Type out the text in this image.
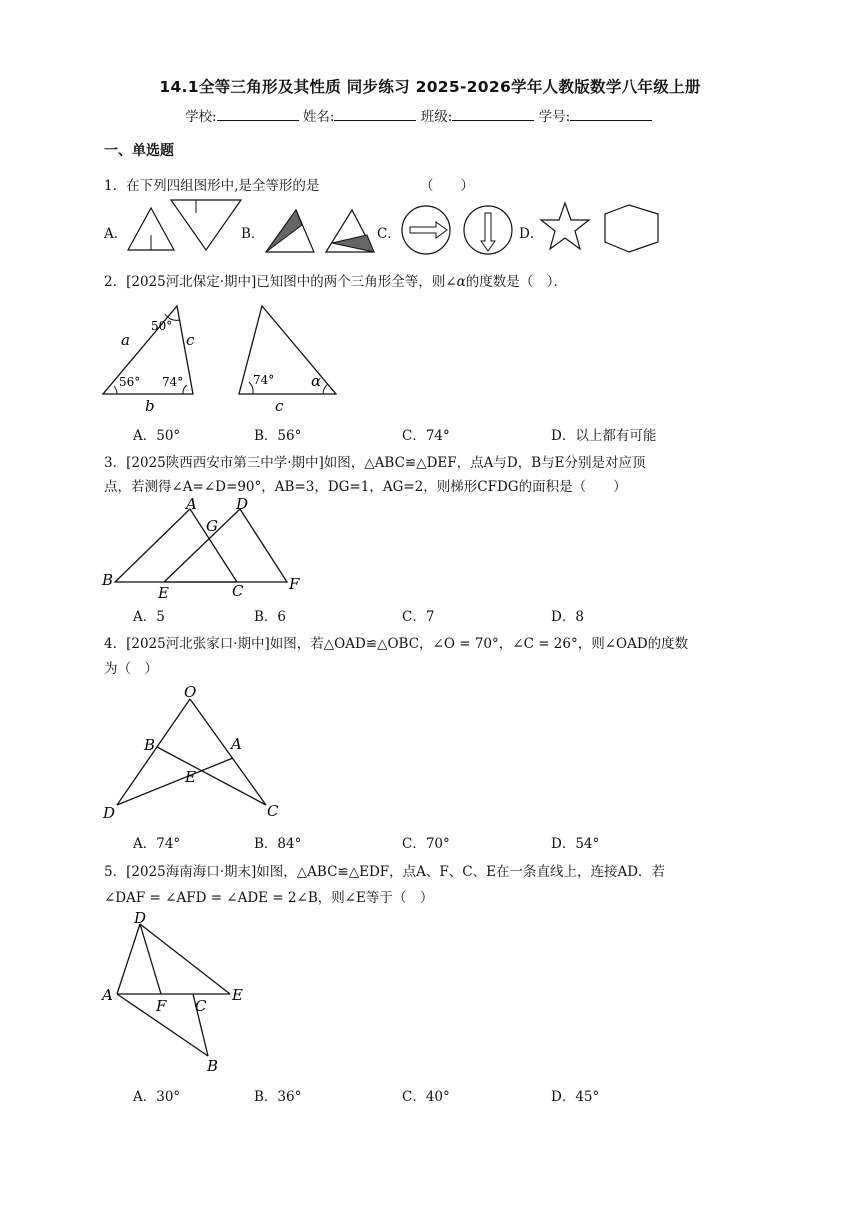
14.1全等三角形及其性质 同步练习 2025-2026学年人教版数学八年级上册
学校:	姓名:	班级:	学号:
一、单选题
1．在下列四组图形中,是全等形的是	（　　）
A．	B．	C．	D．
2．[2025河北保定·期中]已知图中的两个三角形全等，则∠α的度数是（　）．
a	c
b
50°
56° 74°	74° α
c
A．50°	B．56°	C．74°	D．以上都有可能
3．[2025陕西西安市第三中学·期中]如图，△ABC≌△DEF，点A与D，B与E分别是对应顶
点，若测得∠A=∠D=90°，AB=3，DG=1，AG=2，则梯形CFDG的面积是（　　）
A	D
G
B
E	C	F
A．5	B．6	C．7	D．8
4．[2025河北张家口·期中]如图，若△OAD≌△OBC，∠O = 70°，∠C = 26°，则∠OAD的度数
为（　）
O
B	A
E
D	C
A．74°	B．84°	C．70°	D．54°
5．[2025海南海口·期末]如图，△ABC≌△EDF，点A、F、C、E在一条直线上，连接AD．若
∠DAF = ∠AFD = ∠ADE = 2∠B，则∠E等于（　）
D
A
F C
E
B
A．30°	B．36°	C．40°	D．45°
